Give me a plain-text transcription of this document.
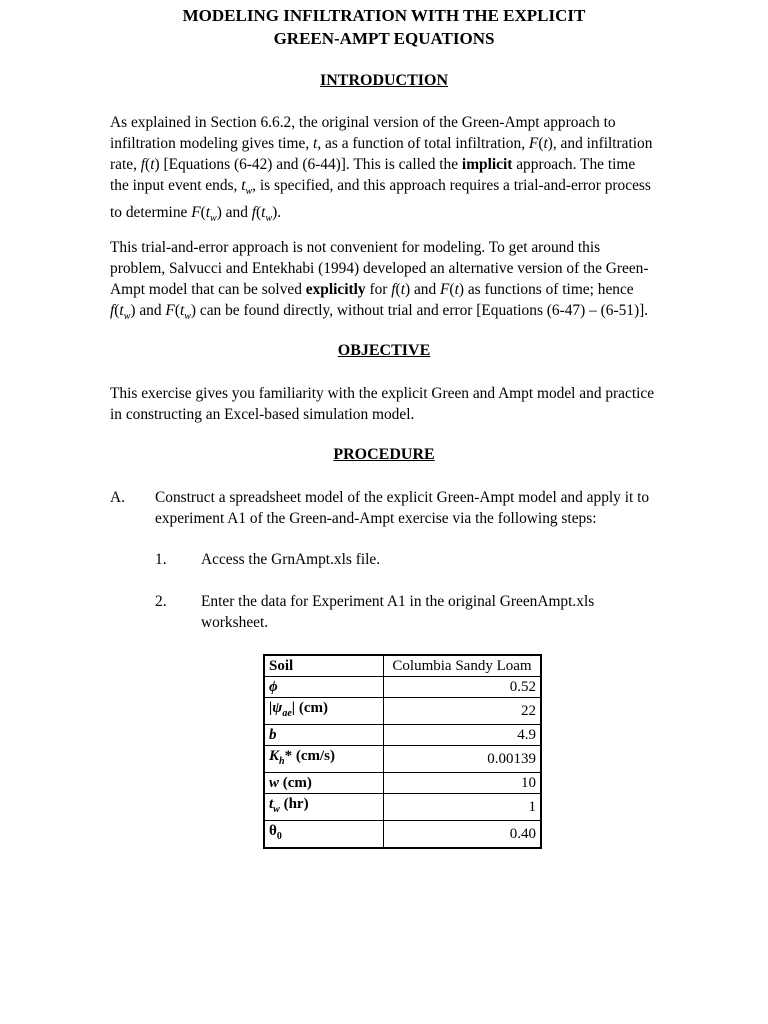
MODELING INFILTRATION WITH THE EXPLICIT
GREEN-AMPT EQUATIONS
INTRODUCTION
As explained in Section 6.6.2, the original version of the Green-Ampt approach to infiltration modeling gives time, t, as a function of total infiltration, F(t), and infiltration rate, f(t) [Equations (6-42) and (6-44)]. This is called the implicit approach. The time the input event ends, $t_w$, is specified, and this approach requires a trial-and-error process to determine $F(t_w)$ and $f(t_w)$.
This trial-and-error approach is not convenient for modeling. To get around this problem, Salvucci and Entekhabi (1994) developed an alternative version of the Green-Ampt model that can be solved explicitly for f(t) and F(t) as functions of time; hence $f(t_w)$ and $F(t_w)$ can be found directly, without trial and error [Equations (6-47) – (6-51)].
OBJECTIVE
This exercise gives you familiarity with the explicit Green and Ampt model and practice in constructing an Excel-based simulation model.
PROCEDURE
A. Construct a spreadsheet model of the explicit Green-Ampt model and apply it to experiment A1 of the Green-and-Ampt exercise via the following steps:
1. Access the GrnAmpt.xls file.
2. Enter the data for Experiment A1 in the original GreenAmpt.xls worksheet.
Soil	Columbia Sandy Loam
ϕ	0.52
$|\psi_{ae}|$ (cm)	22
b	4.9
$K_h*$ (cm/s)	0.00139
w (cm)	10
$t_w$ (hr)	1
$\theta_0$	0.40
